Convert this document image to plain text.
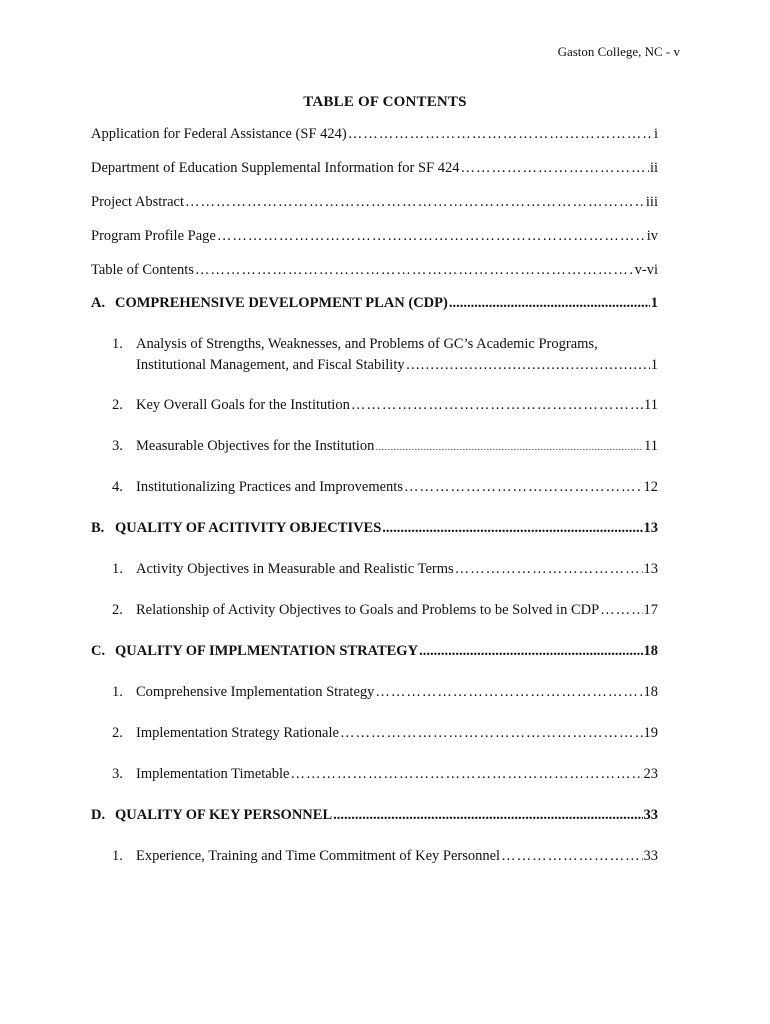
Gaston College, NC - v
TABLE OF CONTENTS
Application for Federal Assistance (SF 424) …………………………………………………………………………………………………………………………………………………………………………	i
Department of Education Supplemental Information for SF 424 …………………………………………………………………………………………………………………………………………………………………………	ii
Project Abstract …………………………………………………………………………………………………………………………………………………………………………	iii
Program Profile Page …………………………………………………………………………………………………………………………………………………………………………	iv
Table of Contents …………………………………………………………………………………………………………………………………………………………………………	v-vi
A. COMPREHENSIVE DEVELOPMENT PLAN (CDP) .....	1
1. Analysis of Strengths, Weaknesses, and Problems of GC’s Academic Programs,
Institutional Management, and Fiscal Stability …………………………………………………………………………………………………………………………………………………………………	1
2. Key Overall Goals for the Institution …………………………………………………………………………………………………………………………………………………………………………	11
3. Measurable Objectives for the Institution …………………………………………………………………………………………………………………………………………………………………………	11
4. Institutionalizing Practices and Improvements …………………………………………………………………………………………………………………………………………………………………………	12
B. QUALITY OF ACITIVITY OBJECTIVES .....	13
1. Activity Objectives in Measurable and Realistic Terms …………………………………………………………………………………………………………………………………………………………………………	13
2. Relationship of Activity Objectives to Goals and Problems to be Solved in CDP …………………………………………………………………………………………………………………………………………………………………………	17
C. QUALITY OF IMPLMENTATION STRATEGY .....	18
1. Comprehensive Implementation Strategy …………………………………………………………………………………………………………………………………………………………………………	18
2. Implementation Strategy Rationale …………………………………………………………………………………………………………………………………………………………………………	19
3. Implementation Timetable …………………………………………………………………………………………………………………………………………………………………………	23
D. QUALITY OF KEY PERSONNEL .....	33
1. Experience, Training and Time Commitment of Key Personnel …………………………………………………………………………………………………………………………………………………………………………	33
